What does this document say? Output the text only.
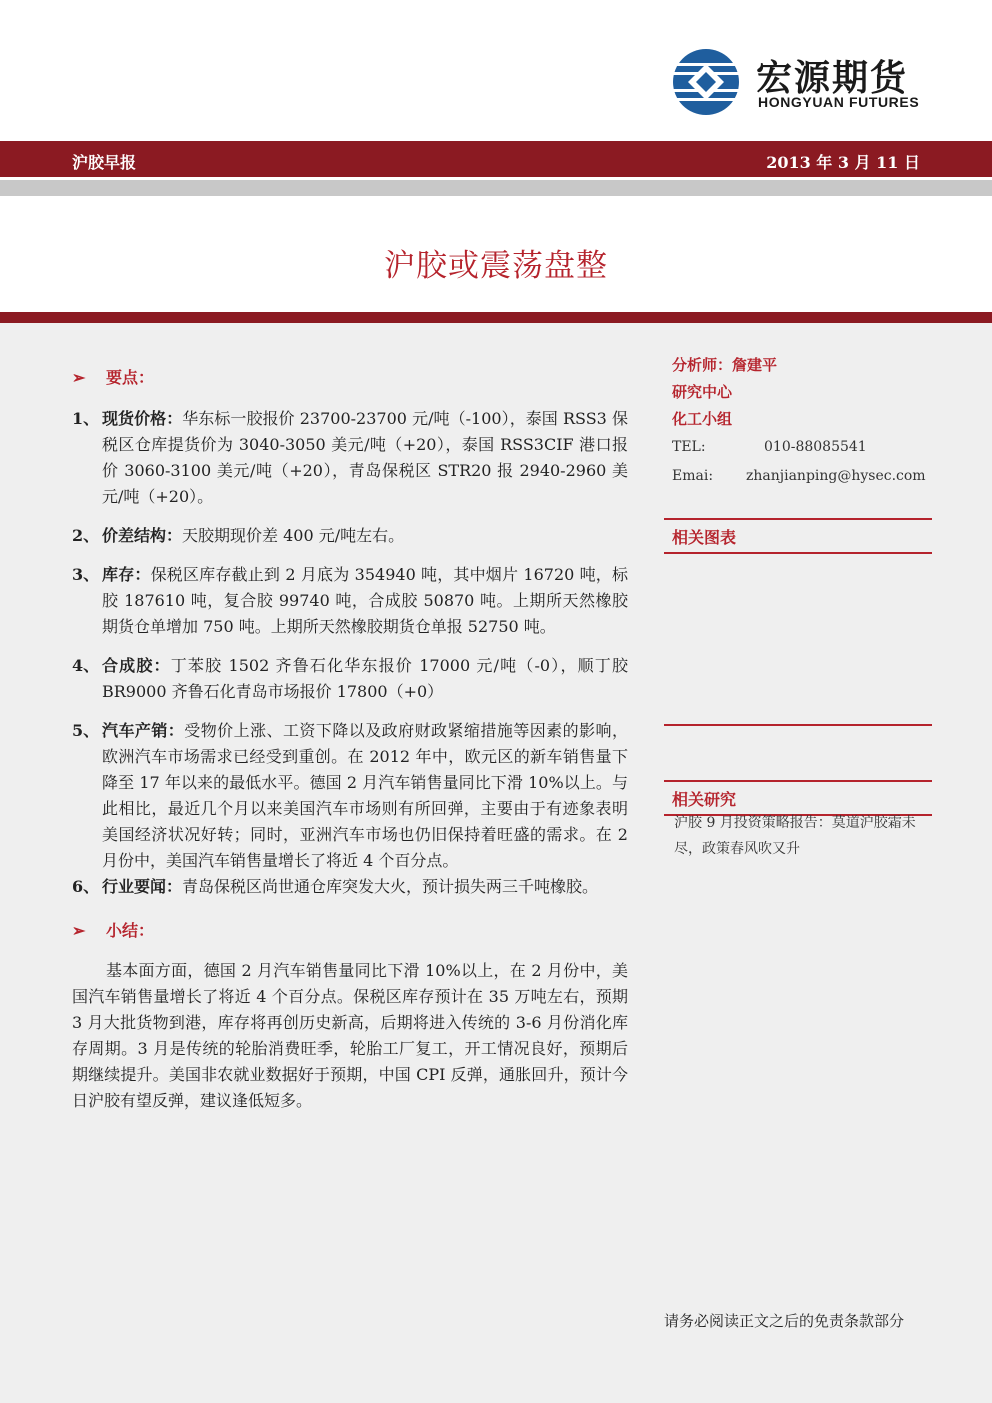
宏源期货
HONGYUAN FUTURES
沪胶早报	2013 年 3 月 11 日
沪胶或震荡盘整
➢ 要点：
1、 现货价格：华东标一胶报价 23700-23700 元/吨（-100），泰国 RSS3 保税区仓库提货价为 3040-3050 美元/吨（+20），泰国 RSS3CIF 港口报价 3060-3100 美元/吨（+20），青岛保税区 STR20 报 2940-2960 美元/吨（+20）。
2、 价差结构：天胶期现价差 400 元/吨左右。
3、 库存：保税区库存截止到 2 月底为 354940 吨，其中烟片 16720 吨，标胶 187610 吨，复合胶 99740 吨，合成胶 50870 吨。上期所天然橡胶期货仓单增加 750 吨。上期所天然橡胶期货仓单报 52750 吨。
4、 合成胶：丁苯胶 1502 齐鲁石化华东报价 17000 元/吨（-0），顺丁胶 BR9000 齐鲁石化青岛市场报价 17800（+0）
5、 汽车产销：受物价上涨、工资下降以及政府财政紧缩措施等因素的影响，欧洲汽车市场需求已经受到重创。在 2012 年中，欧元区的新车销售量下降至 17 年以来的最低水平。德国 2 月汽车销售量同比下滑 10%以上。与此相比，最近几个月以来美国汽车市场则有所回弹，主要由于有迹象表明美国经济状况好转；同时，亚洲汽车市场也仍旧保持着旺盛的需求。在 2 月份中，美国汽车销售量增长了将近 4 个百分点。
6、 行业要闻：青岛保税区尚世通仓库突发大火，预计损失两三千吨橡胶。
➢ 小结：
基本面方面，德国 2 月汽车销售量同比下滑 10%以上，在 2 月份中，美国汽车销售量增长了将近 4 个百分点。保税区库存预计在 35 万吨左右，预期 3 月大批货物到港，库存将再创历史新高，后期将进入传统的 3-6 月份消化库存周期。3 月是传统的轮胎消费旺季，轮胎工厂复工，开工情况良好，预期后期继续提升。美国非农就业数据好于预期，中国 CPI 反弹，通胀回升，预计今日沪胶有望反弹，建议逢低短多。
分析师：詹建平
研究中心
化工小组
TEL:	010-88085541
Emai:	zhanjianping@hysec.com
相关图表
相关研究
沪胶 9 月投资策略报告：莫道沪胶霜未尽，政策春风吹又升
请务必阅读正文之后的免责条款部分
